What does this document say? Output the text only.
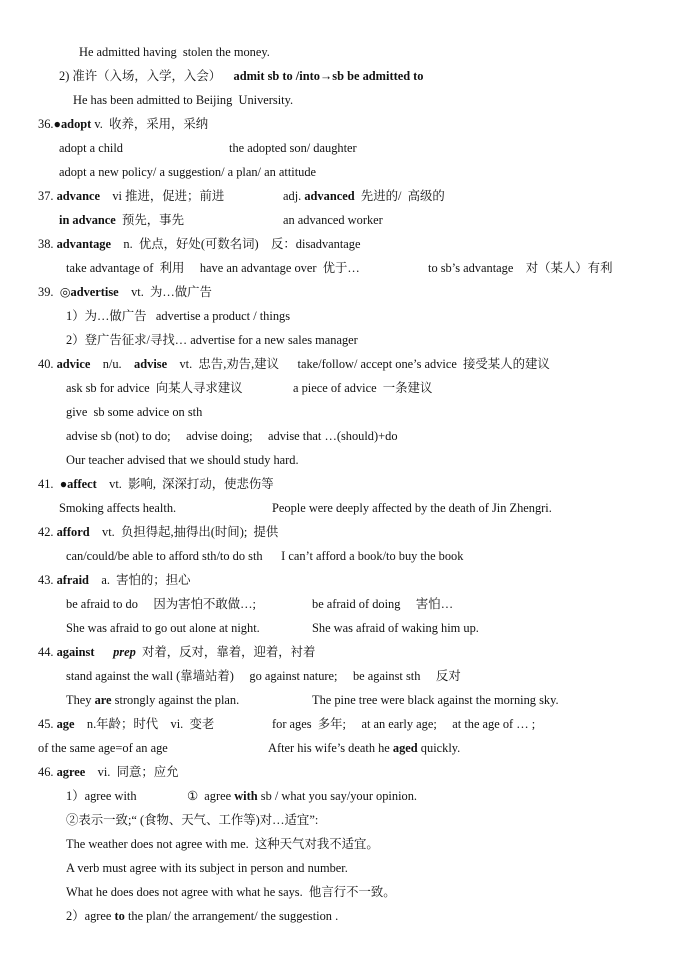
He admitted having  stolen the money.
2) 准许（入场，入学，入会）    admit sb to /into→sb be admitted to
He has been admitted to Beijing  University.
36.●adopt v.  收养，采用，采纳
adopt a child	the adopted son/ daughter
adopt a new policy/ a suggestion/ a plan/ an attitude
37. advance    vi 推进，促进；前进	adj. advanced  先进的/  高级的
in advance  预先，事先	an advanced worker
38. advantage    n.  优点，好处(可数名词)    反：disadvantage
take advantage of  利用     have an advantage over  优于…	to sb’s advantage    对（某人）有利
39.  ◎advertise    vt.  为…做广告
1）为…做广告   advertise a product / things
2）登广告征求/寻找… advertise for a new sales manager
40. advice    n/u.    advise    vt.  忠告,劝告,建议      take/follow/ accept one’s advice  接受某人的建议
ask sb for advice  向某人寻求建议	a piece of advice  一条建议
give  sb some advice on sth
advise sb (not) to do;     advise doing;     advise that …(should)+do
Our teacher advised that we should study hard.
41.  ●affect    vt.  影响,  深深打动，使悲伤等
Smoking affects health.	People were deeply affected by the death of Jin Zhengri.
42. afford    vt.  负担得起,抽得出(时间);  提供
can/could/be able to afford sth/to do sth      I can’t afford a book/to buy the book
43. afraid    a.  害怕的；担心
be afraid to do     因为害怕不敢做…;	be afraid of doing     害怕…
She was afraid to go out alone at night.	She was afraid of waking him up.
44. against prep  对着，反对，靠着，迎着，衬着
stand against the wall (靠墙站着)     go against nature;     be against sth     反对
They are strongly against the plan.	The pine tree were black against the morning sky.
45. age    n.年龄；时代    vi.  变老	for ages  多年;     at an early age;     at the age of … ;
of the same age=of an age	After his wife’s death he aged quickly.
46. agree    vi.  同意；应允
1）agree with	①  agree with sb / what you say/your opinion.
②表示一致;“ (食物、天气、工作等)对…适宜”:
The weather does not agree with me.  这种天气对我不适宜。
A verb must agree with its subject in person and number.
What he does does not agree with what he says.  他言行不一致。
2）agree to the plan/ the arrangement/ the suggestion .
